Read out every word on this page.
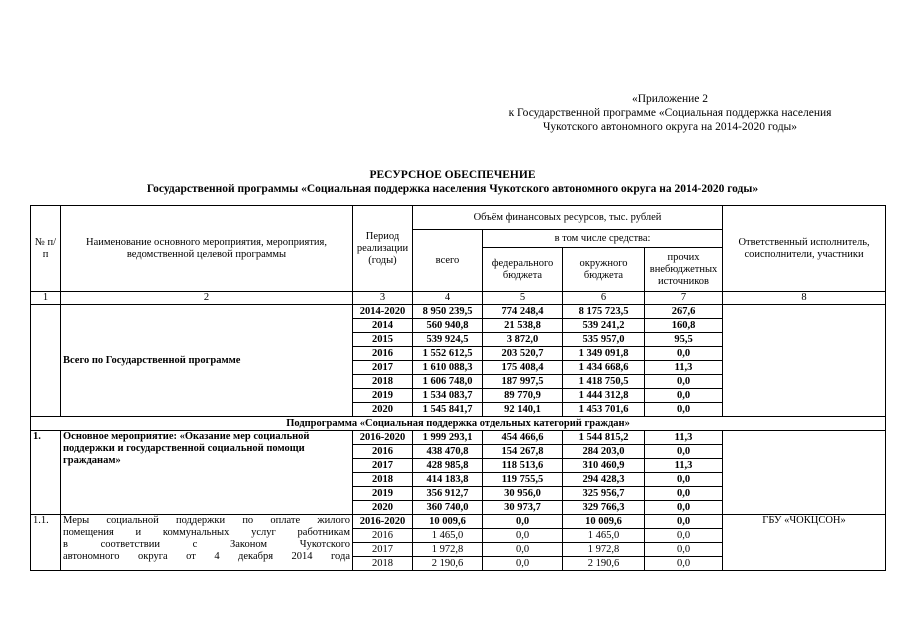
«Приложение 2
к Государственной программе «Социальная поддержка населения
Чукотского автономного округа на 2014-2020 годы»
РЕСУРСНОЕ ОБЕСПЕЧЕНИЕ
Государственной программы «Социальная поддержка населения Чукотского автономного округа на 2014-2020 годы»
№ п/п	Наименование основного мероприятия, мероприятия, ведомственной целевой программы	Период реализации (годы)	Объём финансовых ресурсов, тыс. рублей				Ответственный исполнитель, соисполнители, участники
			всего	в том числе средства:			
				федерального бюджета	окружного бюджета	прочих внебюджетных источников	
1	2	3	4	5	6	7	8
	Всего по Государственной программе	2014-2020	8 950 239,5	774 248,4	8 175 723,5	267,6	
		2014	560 940,8	21 538,8	539 241,2	160,8	
		2015	539 924,5	3 872,0	535 957,0	95,5	
		2016	1 552 612,5	203 520,7	1 349 091,8	0,0	
		2017	1 610 088,3	175 408,4	1 434 668,6	11,3	
		2018	1 606 748,0	187 997,5	1 418 750,5	0,0	
		2019	1 534 083,7	89 770,9	1 444 312,8	0,0	
		2020	1 545 841,7	92 140,1	1 453 701,6	0,0	
Подпрограмма «Социальная поддержка отдельных категорий граждан»							
1.	Основное мероприятие: «Оказание мер социальной поддержки и государственной социальной помощи гражданам»	2016-2020	1 999 293,1	454 466,6	1 544 815,2	11,3	
		2016	438 470,8	154 267,8	284 203,0	0,0	
		2017	428 985,8	118 513,6	310 460,9	11,3	
		2018	414 183,8	119 755,5	294 428,3	0,0	
		2019	356 912,7	30 956,0	325 956,7	0,0	
		2020	360 740,0	30 973,7	329 766,3	0,0	
1.1.	Меры социальной поддержки по оплате жилого
помещения и коммунальных услуг работникам
в соответствии с Законом Чукотского
автономного округа от 4 декабря 2014 года	2016-2020	10 009,6	0,0	10 009,6	0,0	ГБУ «ЧОКЦСОН»
		2016	1 465,0	0,0	1 465,0	0,0	
		2017	1 972,8	0,0	1 972,8	0,0	
		2018	2 190,6	0,0	2 190,6	0,0	
